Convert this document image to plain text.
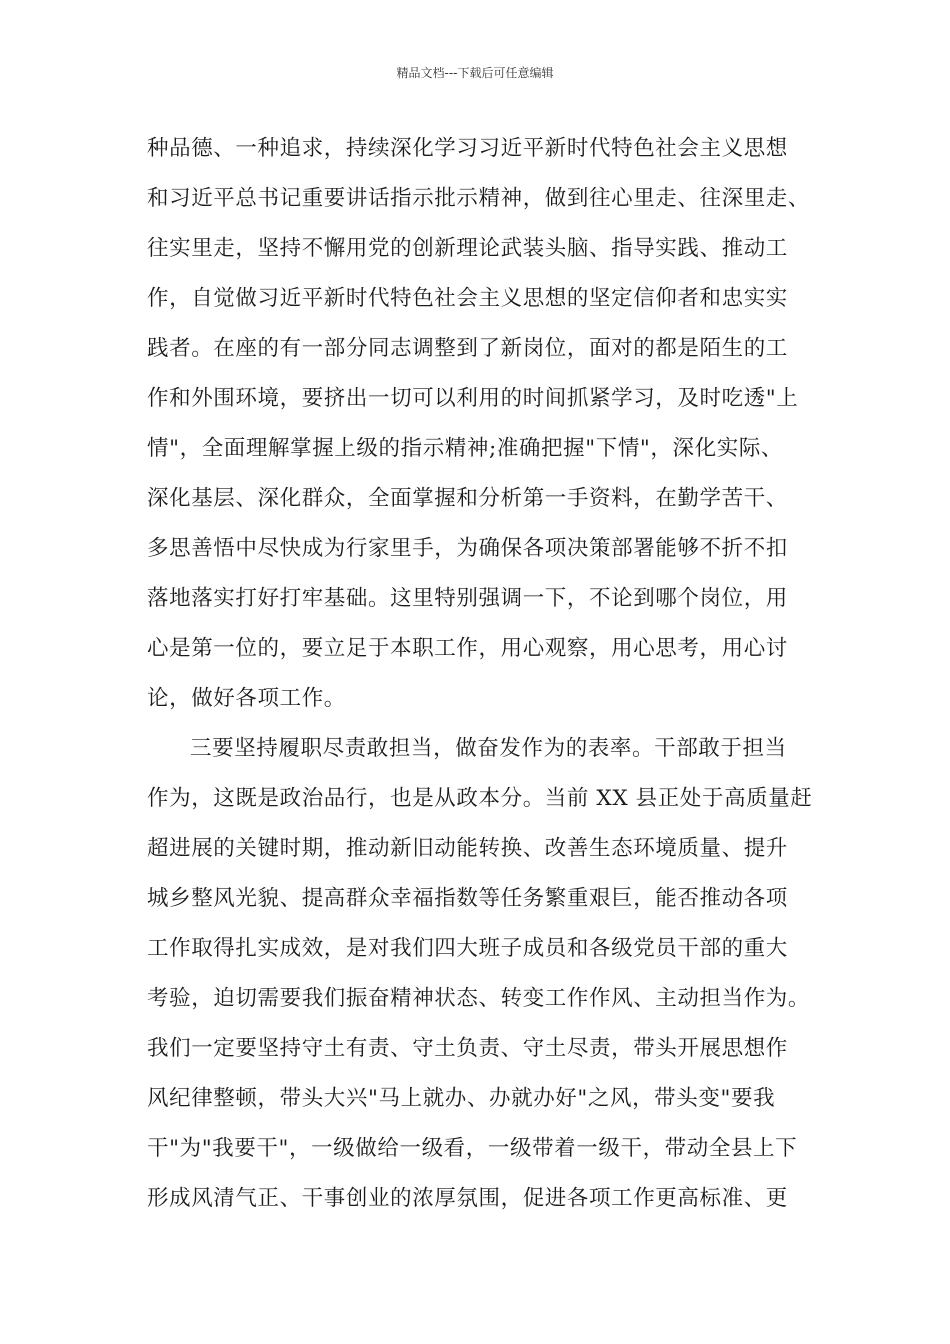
精品文档---下载后可任意编辑
种品德、一种追求，持续深化学习习近平新时代特色社会主义思想
和习近平总书记重要讲话指示批示精神，做到往心里走、往深里走、
往实里走，坚持不懈用党的创新理论武装头脑、指导实践、推动工
作，自觉做习近平新时代特色社会主义思想的坚定信仰者和忠实实
践者。在座的有一部分同志调整到了新岗位，面对的都是陌生的工
作和外围环境，要挤出一切可以利用的时间抓紧学习，及时吃透"上
情"，全面理解掌握上级的指示精神;准确把握"下情"，深化实际、
深化基层、深化群众，全面掌握和分析第一手资料，在勤学苦干、
多思善悟中尽快成为行家里手，为确保各项决策部署能够不折不扣
落地落实打好打牢基础。这里特别强调一下，不论到哪个岗位，用
心是第一位的，要立足于本职工作，用心观察，用心思考，用心讨
论，做好各项工作。
三要坚持履职尽责敢担当，做奋发作为的表率。干部敢于担当
作为，这既是政治品行，也是从政本分。当前 XX 县正处于高质量赶
超进展的关键时期，推动新旧动能转换、改善生态环境质量、提升
城乡整风光貌、提高群众幸福指数等任务繁重艰巨，能否推动各项
工作取得扎实成效，是对我们四大班子成员和各级党员干部的重大
考验，迫切需要我们振奋精神状态、转变工作作风、主动担当作为。
我们一定要坚持守土有责、守土负责、守土尽责，带头开展思想作
风纪律整顿，带头大兴"马上就办、办就办好"之风，带头变"要我
干"为"我要干"，一级做给一级看，一级带着一级干，带动全县上下
形成风清气正、干事创业的浓厚氛围，促进各项工作更高标准、更
